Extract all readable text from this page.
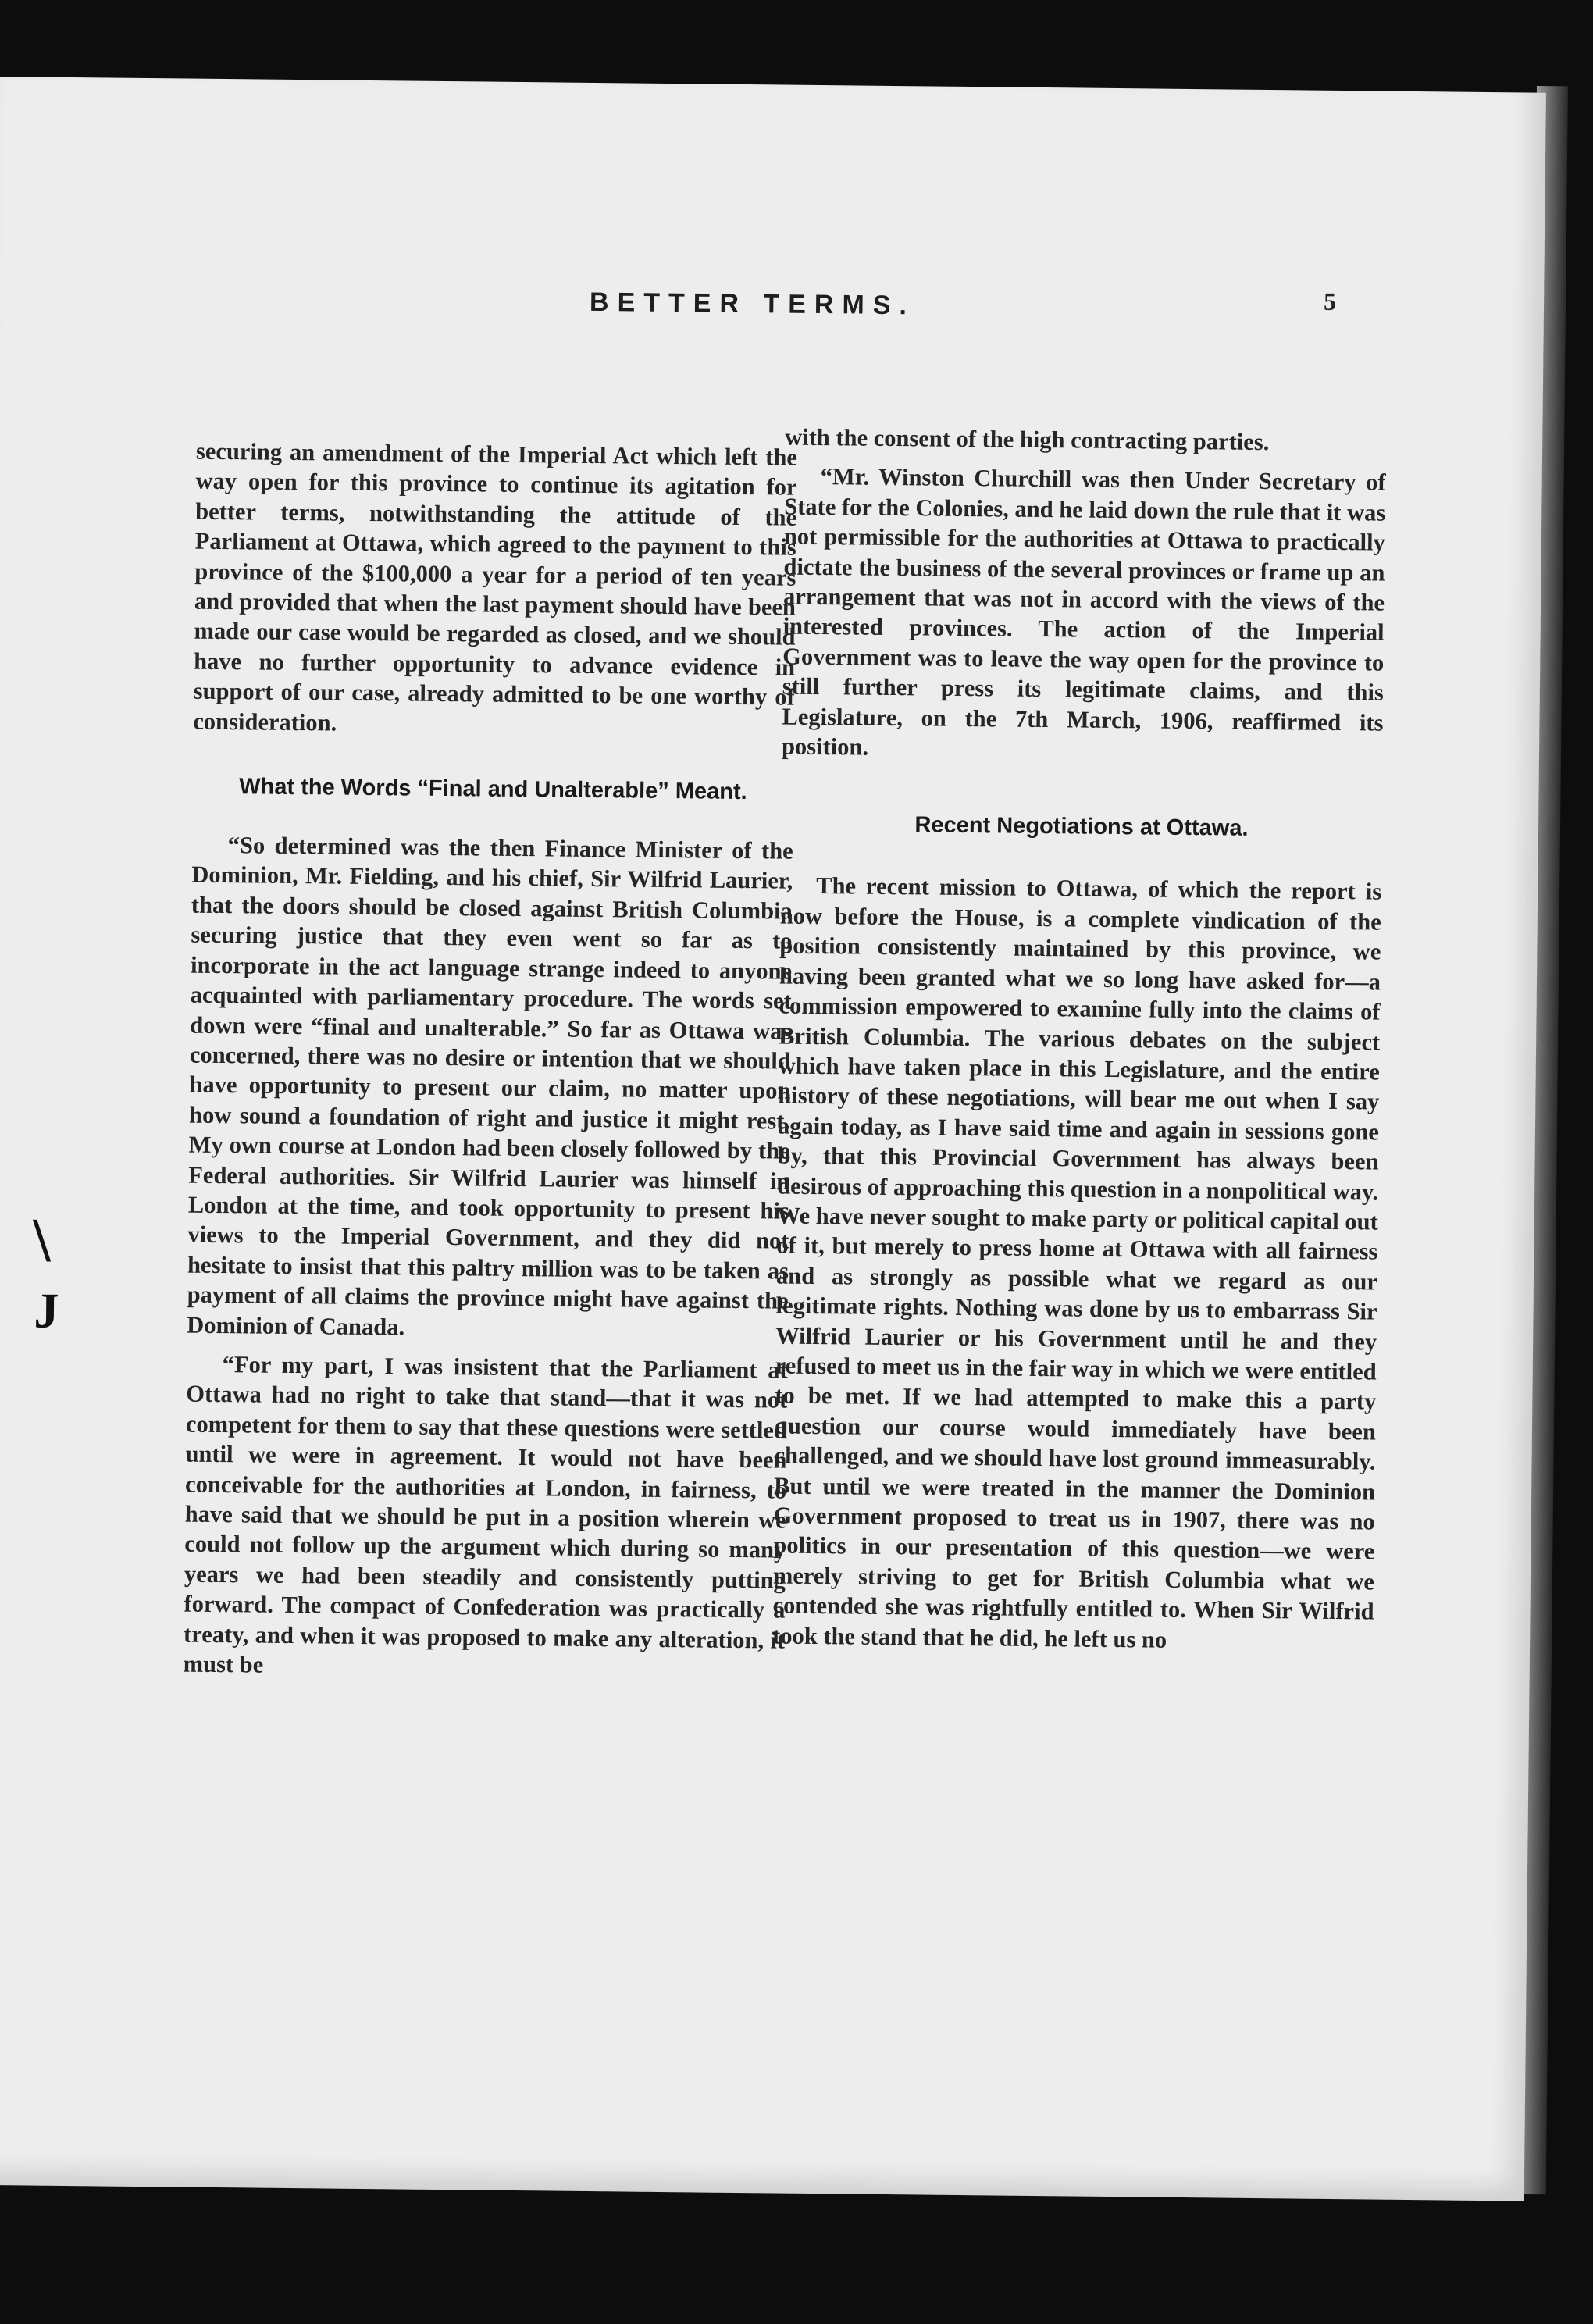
BETTER TERMS.	5

securing an amendment of the Imperial Act which left the way open for this province to continue its agitation for better terms, notwithstanding the attitude of the Parliament at Ottawa, which agreed to the payment to this province of the $100,000 a year for a period of ten years and provided that when the last payment should have been made our case would be regarded as closed, and we should have no further opportunity to advance evidence in support of our case, already admitted to be one worthy of consideration.

What the Words “Final and Unalterable” Meant.

“So determined was the then Finance Minister of the Dominion, Mr. Fielding, and his chief, Sir Wilfrid Laurier, that the doors should be closed against British Columbia securing justice that they even went so far as to incorporate in the act language strange indeed to anyone acquainted with parliamentary procedure. The words set down were “final and unalterable.” So far as Ottawa was concerned, there was no desire or intention that we should have opportunity to present our claim, no matter upon how sound a foundation of right and justice it might rest. My own course at London had been closely followed by the Federal authorities. Sir Wilfrid Laurier was himself in London at the time, and took opportunity to present his views to the Imperial Government, and they did not hesitate to insist that this paltry million was to be taken as payment of all claims the province might have against the Dominion of Canada.

“For my part, I was insistent that the Parliament at Ottawa had no right to take that stand—that it was not competent for them to say that these questions were settled until we were in agreement. It would not have been conceivable for the authorities at London, in fairness, to have said that we should be put in a position wherein we could not follow up the argument which during so many years we had been steadily and consistently putting forward. The compact of Confederation was practically a treaty, and when it was proposed to make any alteration, it must be

with the consent of the high contracting parties.

“Mr. Winston Churchill was then Under Secretary of State for the Colonies, and he laid down the rule that it was not permissible for the authorities at Ottawa to practically dictate the business of the several provinces or frame up an arrangement that was not in accord with the views of the interested provinces. The action of the Imperial Government was to leave the way open for the province to still further press its legitimate claims, and this Legislature, on the 7th March, 1906, reaffirmed its position.

Recent Negotiations at Ottawa.

The recent mission to Ottawa, of which the report is now before the House, is a complete vindication of the position consistently maintained by this province, we having been granted what we so long have asked for—a commission empowered to examine fully into the claims of British Columbia. The various debates on the subject which have taken place in this Legislature, and the entire history of these negotiations, will bear me out when I say again today, as I have said time and again in sessions gone by, that this Provincial Government has always been desirous of approaching this question in a nonpolitical way. We have never sought to make party or political capital out of it, but merely to press home at Ottawa with all fairness and as strongly as possible what we regard as our legitimate rights. Nothing was done by us to embarrass Sir Wilfrid Laurier or his Government until he and they refused to meet us in the fair way in which we were entitled to be met. If we had attempted to make this a party question our course would immediately have been challenged, and we should have lost ground immeasurably. But until we were treated in the manner the Dominion Government proposed to treat us in 1907, there was no politics in our presentation of this question—we were merely striving to get for British Columbia what we contended she was rightfully entitled to. When Sir Wilfrid took the stand that he did, he left us no

\
J
